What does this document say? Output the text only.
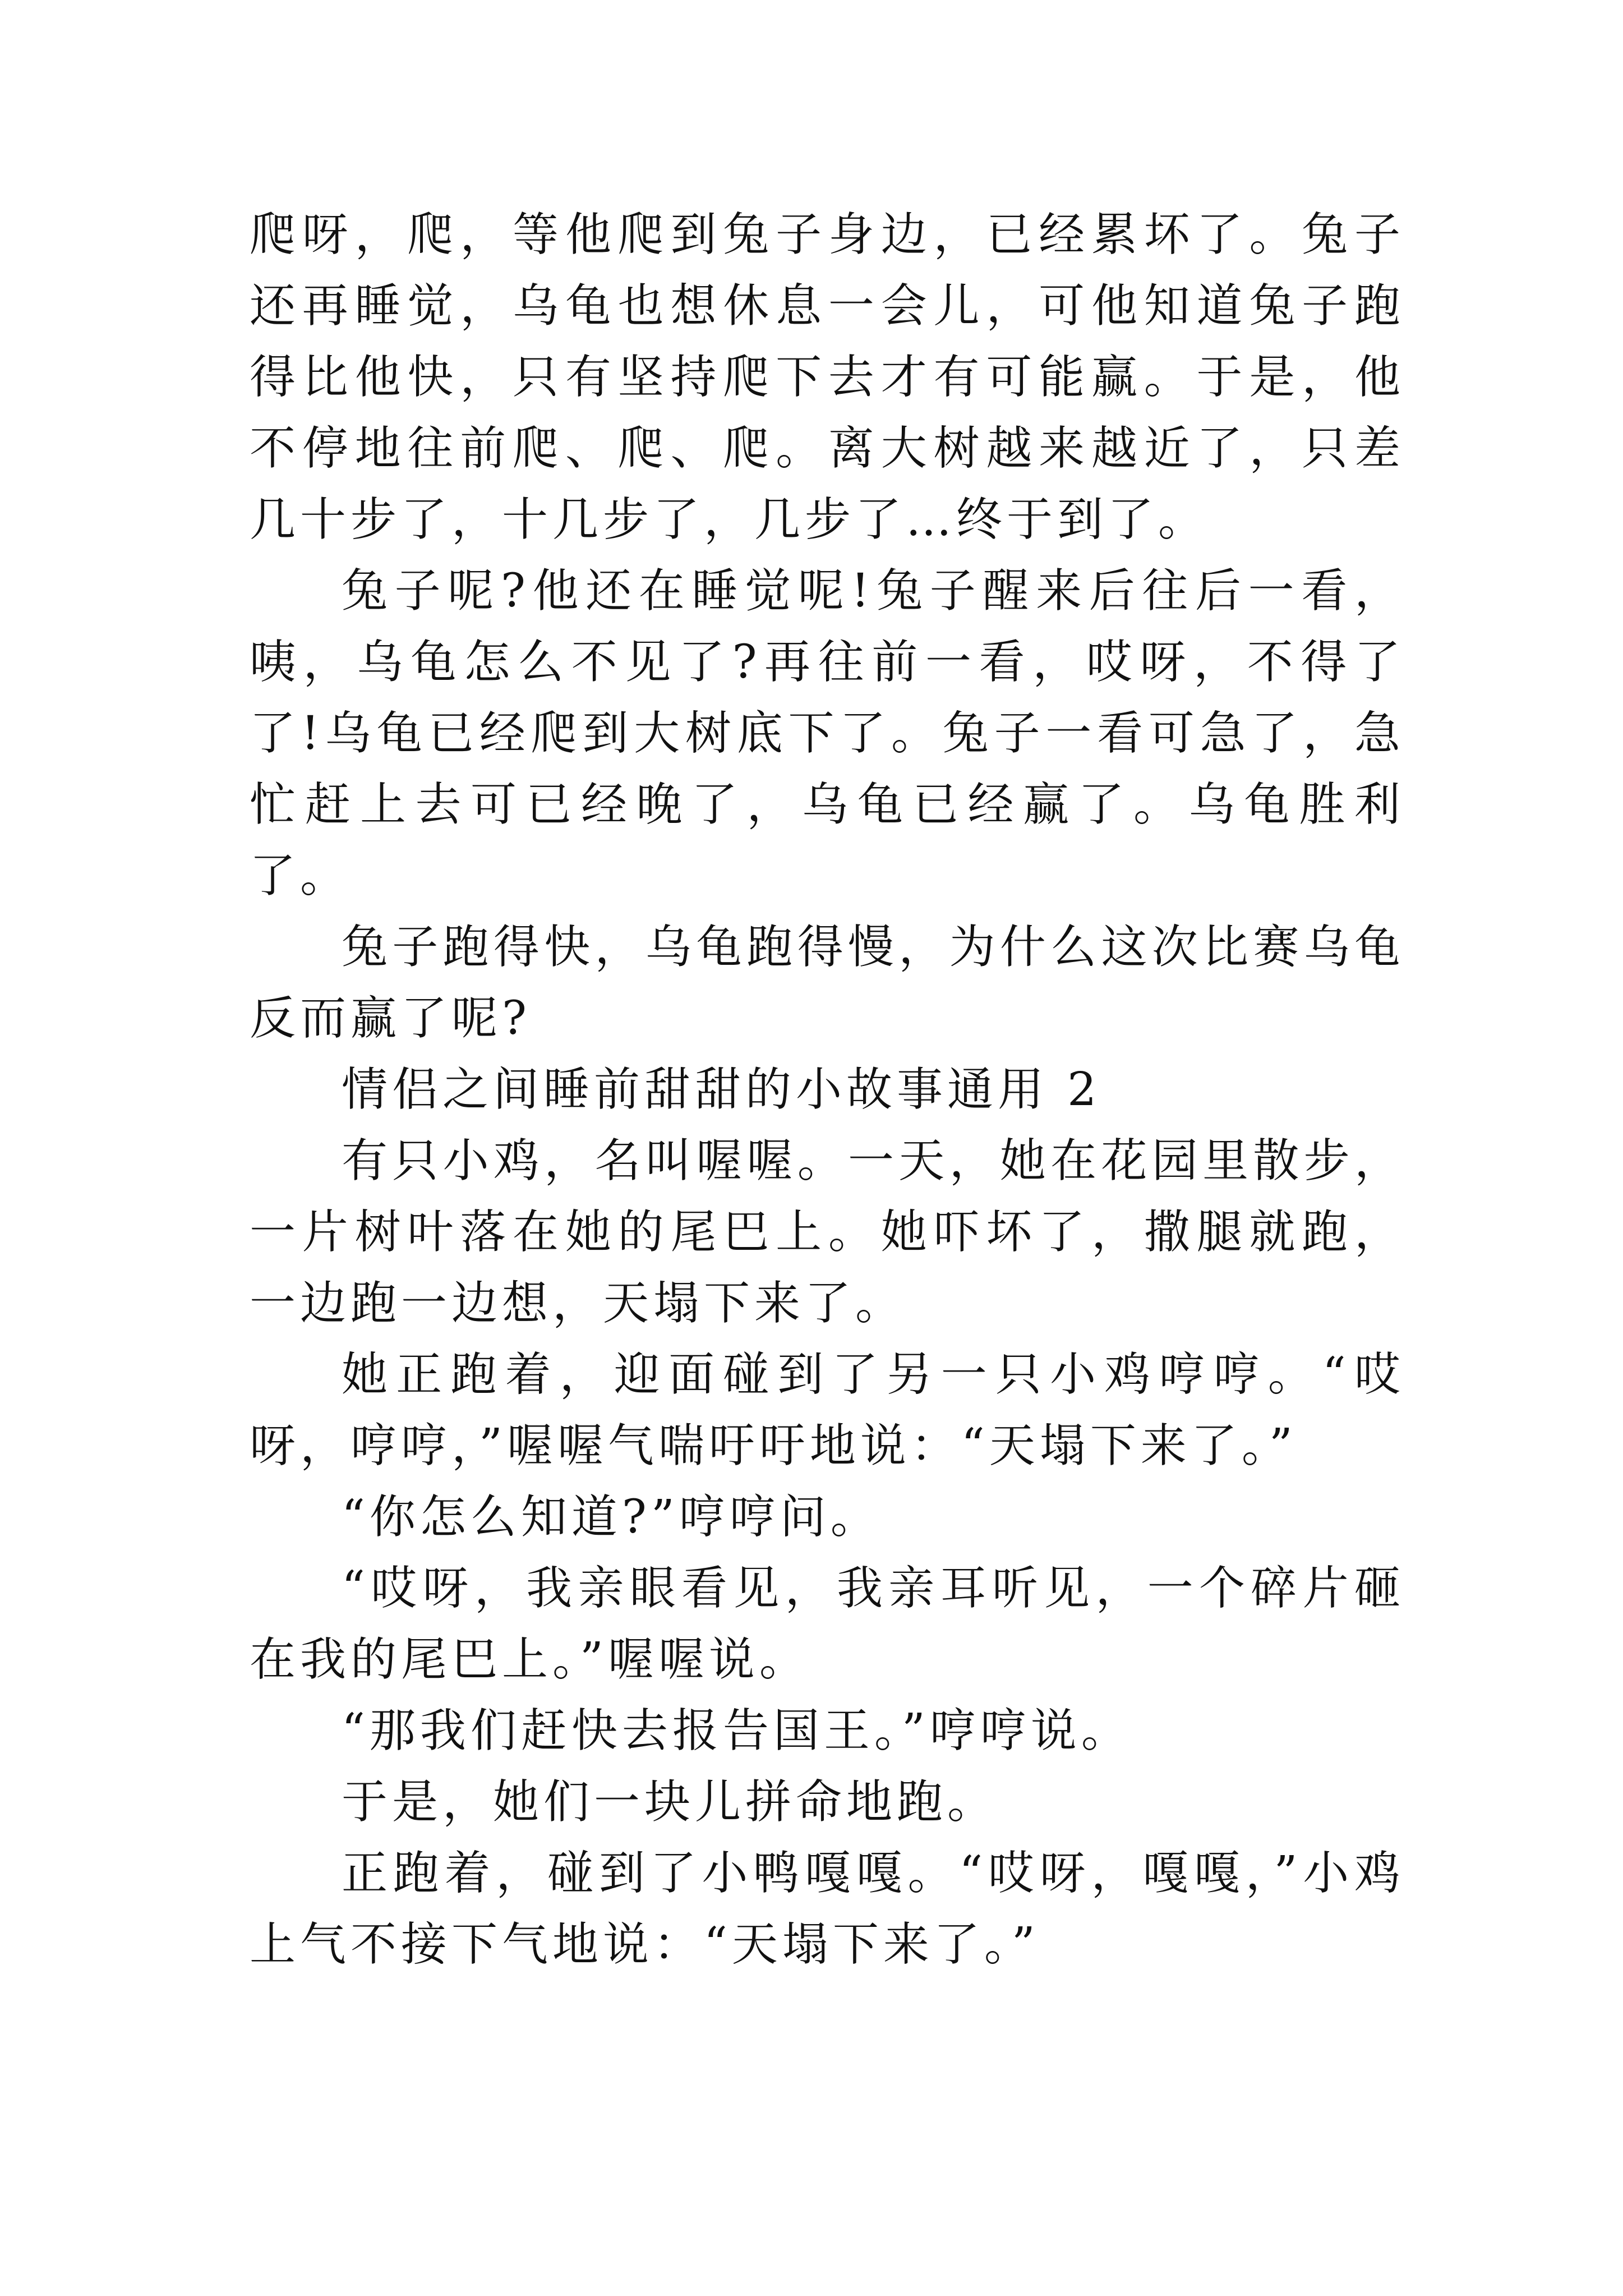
爬呀，爬，等他爬到兔子身边，已经累坏了。兔子还再睡觉，乌龟也想休息一会儿，可他知道兔子跑得比他快，只有坚持爬下去才有可能赢。于是，他不停地往前爬、爬、爬。离大树越来越近了，只差几十步了，十几步了，几步了…终于到了。

兔子呢?他还在睡觉呢!兔子醒来后往后一看，咦，乌龟怎么不见了?再往前一看，哎呀，不得了了!乌龟已经爬到大树底下了。兔子一看可急了，急忙赶上去可已经晚了，乌龟已经赢了。乌龟胜利了。

兔子跑得快，乌龟跑得慢，为什么这次比赛乌龟反而赢了呢?

情侣之间睡前甜甜的小故事通用 2

有只小鸡，名叫喔喔。一天，她在花园里散步，一片树叶落在她的尾巴上。她吓坏了，撒腿就跑，一边跑一边想，天塌下来了。

她正跑着，迎面碰到了另一只小鸡哼哼。“哎呀，哼哼，”喔喔气喘吁吁地说：“天塌下来了。”

“你怎么知道?”哼哼问。

“哎呀，我亲眼看见，我亲耳听见，一个碎片砸在我的尾巴上。”喔喔说。

“那我们赶快去报告国王。”哼哼说。

于是，她们一块儿拼命地跑。

正跑着，碰到了小鸭嘎嘎。“哎呀，嘎嘎，”小鸡上气不接下气地说：“天塌下来了。”
